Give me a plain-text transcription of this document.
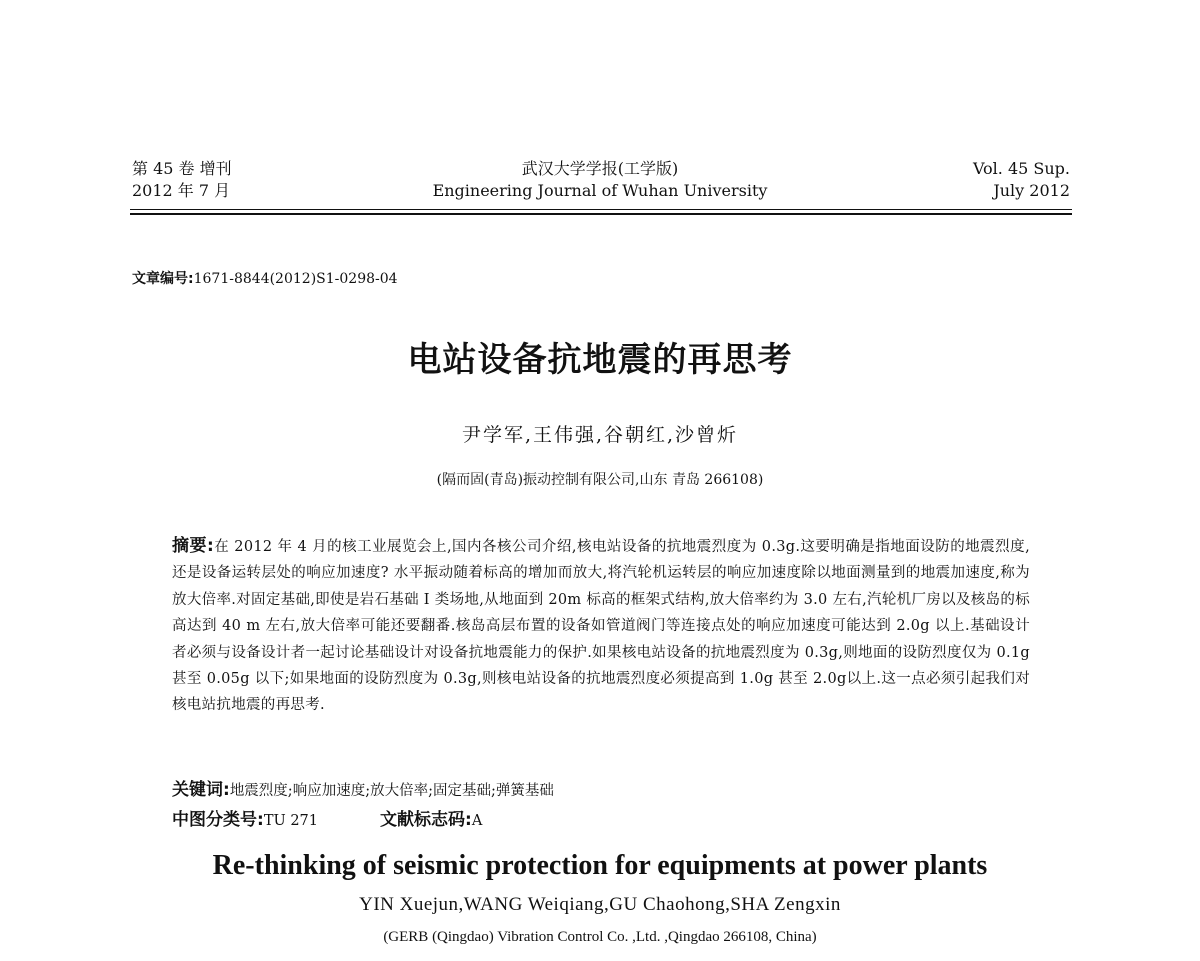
第 45 卷 增刊
2012 年 7 月
武汉大学学报(工学版)
Engineering Journal of Wuhan University
Vol. 45 Sup.
July 2012
文章编号:1671-8844(2012)S1-0298-04
电站设备抗地震的再思考
尹学军,王伟强,谷朝红,沙曾炘
(隔而固(青岛)振动控制有限公司,山东 青岛 266108)
摘要:在 2012 年 4 月的核工业展览会上,国内各核公司介绍,核电站设备的抗地震烈度为 0.3g.这要明确是指地面设防的地震烈度,还是设备运转层处的响应加速度? 水平振动随着标高的增加而放大,将汽轮机运转层的响应加速度除以地面测量到的地震加速度,称为放大倍率.对固定基础,即使是岩石基础 I 类场地,从地面到 20m 标高的框架式结构,放大倍率约为 3.0 左右,汽轮机厂房以及核岛的标高达到 40 m 左右,放大倍率可能还要翻番.核岛高层布置的设备如管道阀门等连接点处的响应加速度可能达到 2.0g 以上.基础设计者必须与设备设计者一起讨论基础设计对设备抗地震能力的保护.如果核电站设备的抗地震烈度为 0.3g,则地面的设防烈度仅为 0.1g 甚至 0.05g 以下;如果地面的设防烈度为 0.3g,则核电站设备的抗地震烈度必须提高到 1.0g 甚至 2.0g以上.这一点必须引起我们对核电站抗地震的再思考.
关键词:地震烈度;响应加速度;放大倍率;固定基础;弹簧基础
中图分类号:TU 271	文献标志码:A
Re-thinking of seismic protection for equipments at power plants
YIN Xuejun,WANG Weiqiang,GU Chaohong,SHA Zengxin
(GERB (Qingdao) Vibration Control Co. ,Ltd. ,Qingdao 266108, China)
